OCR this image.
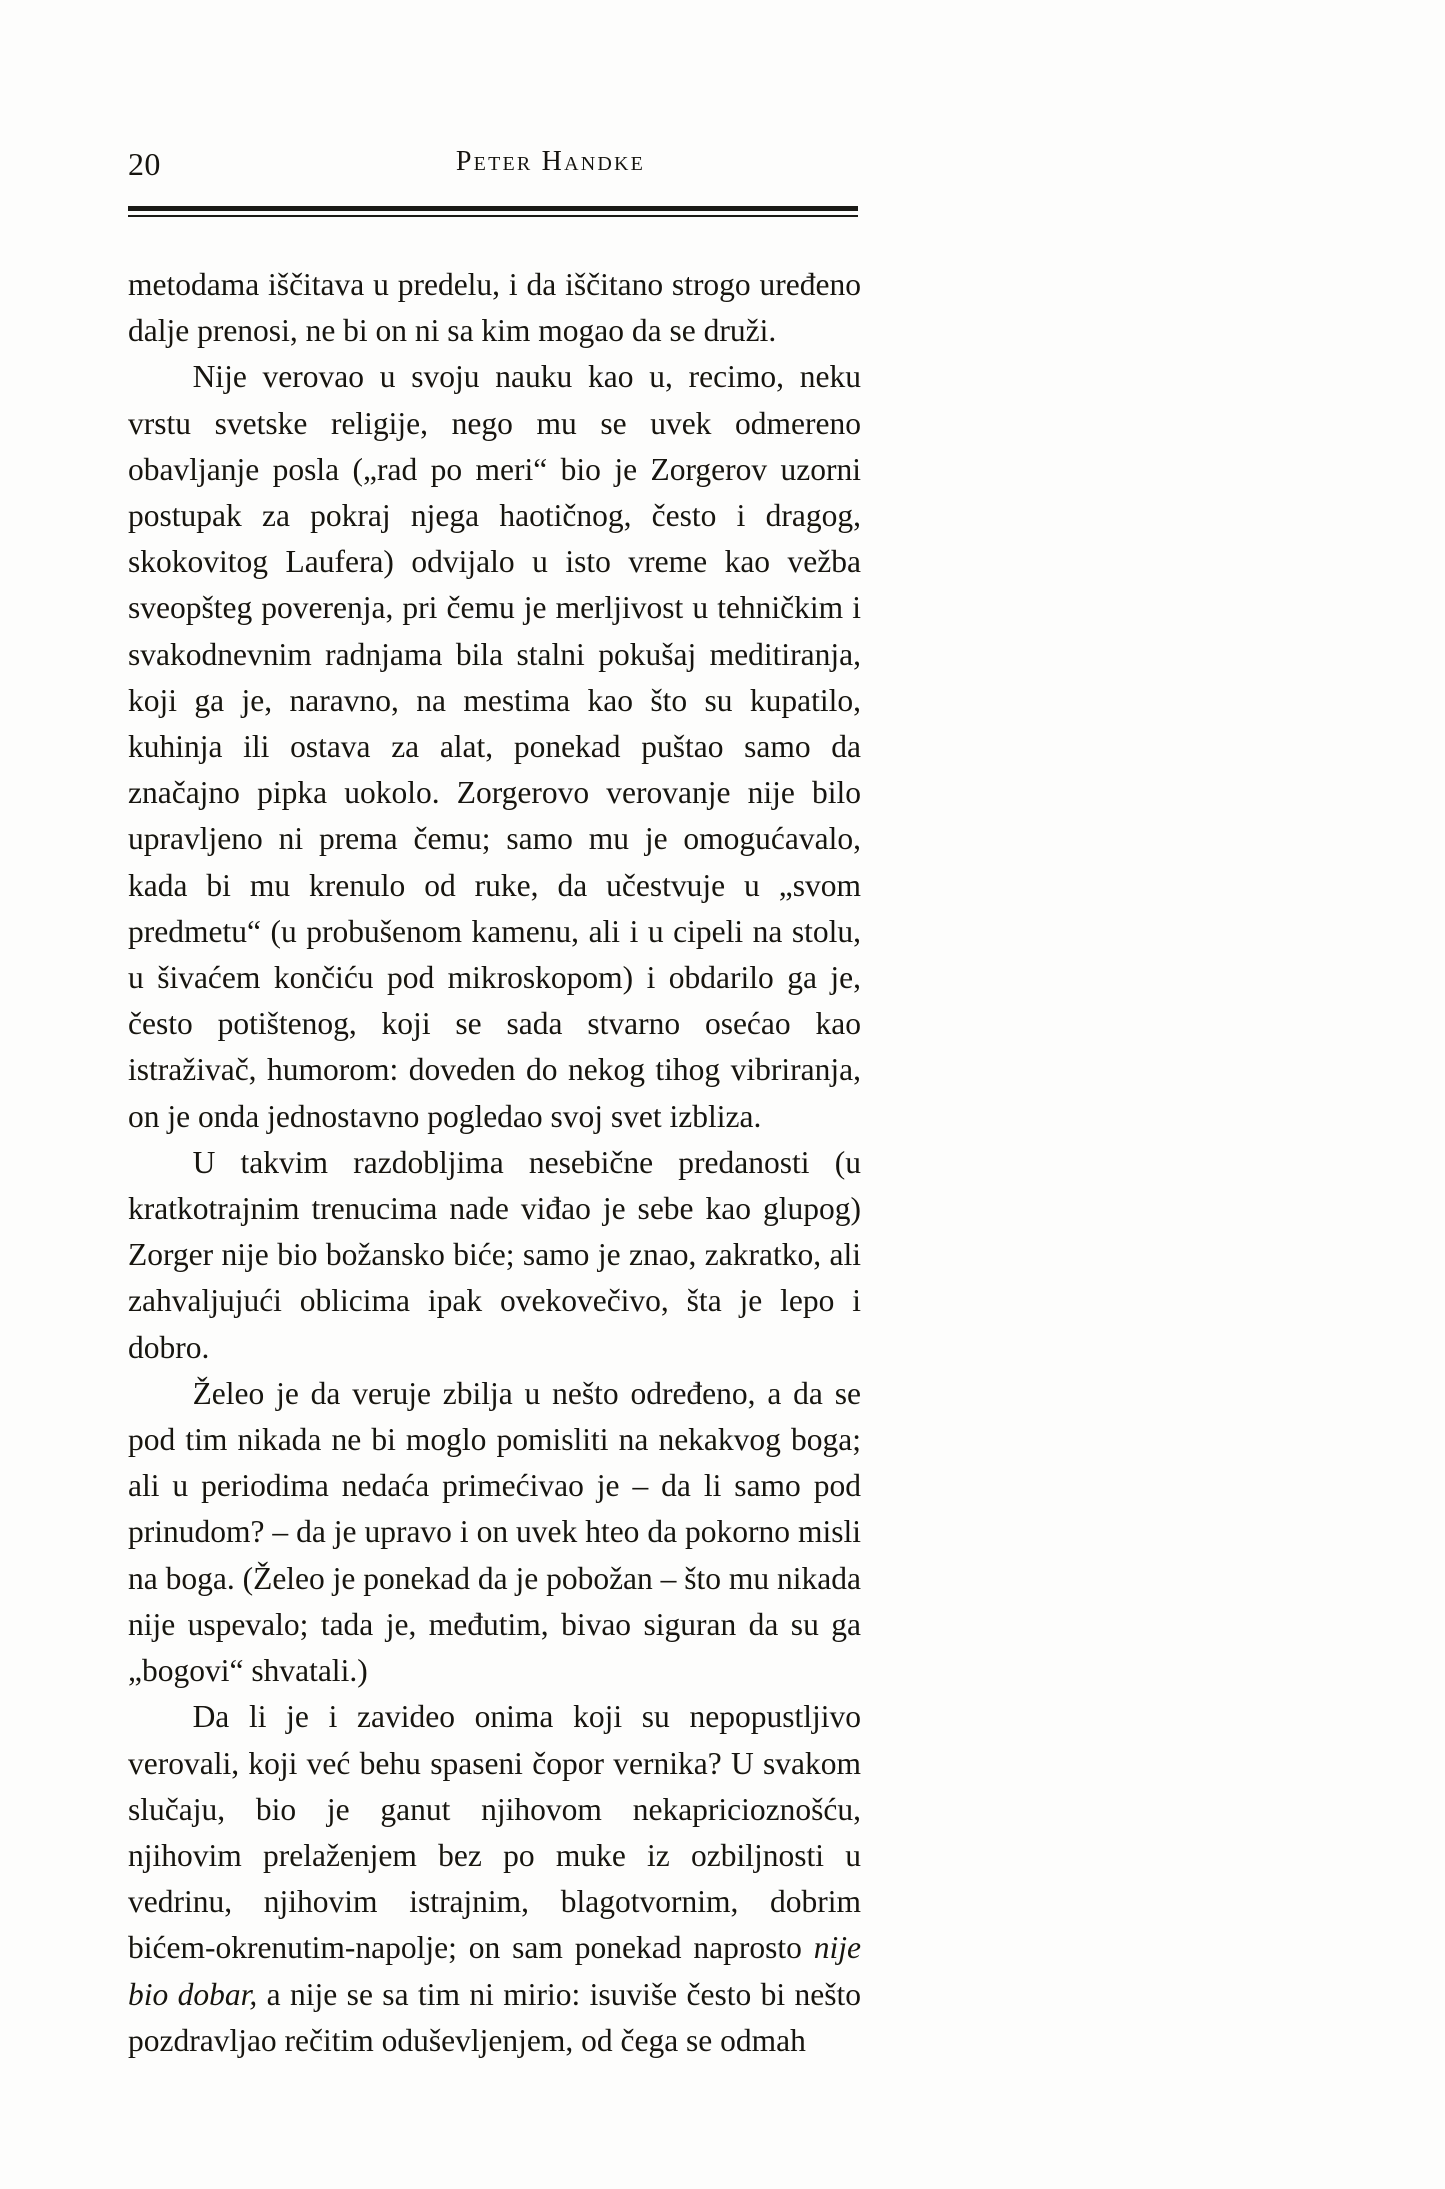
20	Peter Handke

metodama iščitava u predelu, i da iščitano strogo uređeno dalje prenosi, ne bi on ni sa kim mogao da se druži.

Nije verovao u svoju nauku kao u, recimo, neku vrstu svetske religije, nego mu se uvek odmereno obavljanje posla („rad po meri“ bio je Zorgerov uzorni postupak za pokraj njega haotičnog, često i dragog, skokovitog Laufera) odvijalo u isto vreme kao vežba sveopšteg poverenja, pri čemu je merljivost u tehničkim i svakodnevnim radnjama bila stalni pokušaj meditiranja, koji ga je, naravno, na mestima kao što su kupatilo, kuhinja ili ostava za alat, ponekad puštao samo da značajno pipka uokolo. Zorgerovo verovanje nije bilo upravljeno ni prema čemu; samo mu je omogućavalo, kada bi mu krenulo od ruke, da učestvuje u „svom predmetu“ (u probušenom kamenu, ali i u cipeli na stolu, u šivaćem končiću pod mikroskopom) i obdarilo ga je, često potištenog, koji se sada stvarno osećao kao istraživač, humorom: doveden do nekog tihog vibriranja, on je onda jednostavno pogledao svoj svet izbliza.

U takvim razdobljima nesebične predanosti (u kratkotrajnim trenucima nade viđao je sebe kao glupog) Zorger nije bio božansko biće; samo je znao, zakratko, ali zahvaljujući oblicima ipak ovekovečivo, šta je lepo i dobro.

Želeo je da veruje zbilja u nešto određeno, a da se pod tim nikada ne bi moglo pomisliti na nekakvog boga; ali u periodima nedaća primećivao je – da li samo pod prinudom? – da je upravo i on uvek hteo da pokorno misli na boga. (Želeo je ponekad da je pobožan – što mu nikada nije uspevalo; tada je, međutim, bivao siguran da su ga „bogovi“ shvatali.)

Da li je i zavideo onima koji su nepopustljivo verovali, koji već behu spaseni čopor vernika? U svakom slučaju, bio je ganut njihovom nekapricioznošću, njihovim prelaženjem bez po muke iz ozbiljnosti u vedrinu, njihovim istrajnim, blagotvornim, dobrim bićem-okrenutim-napolje; on sam ponekad naprosto nije bio dobar, a nije se sa tim ni mirio: isuviše često bi nešto pozdravljao rečitim oduševljenjem, od čega se odmah
